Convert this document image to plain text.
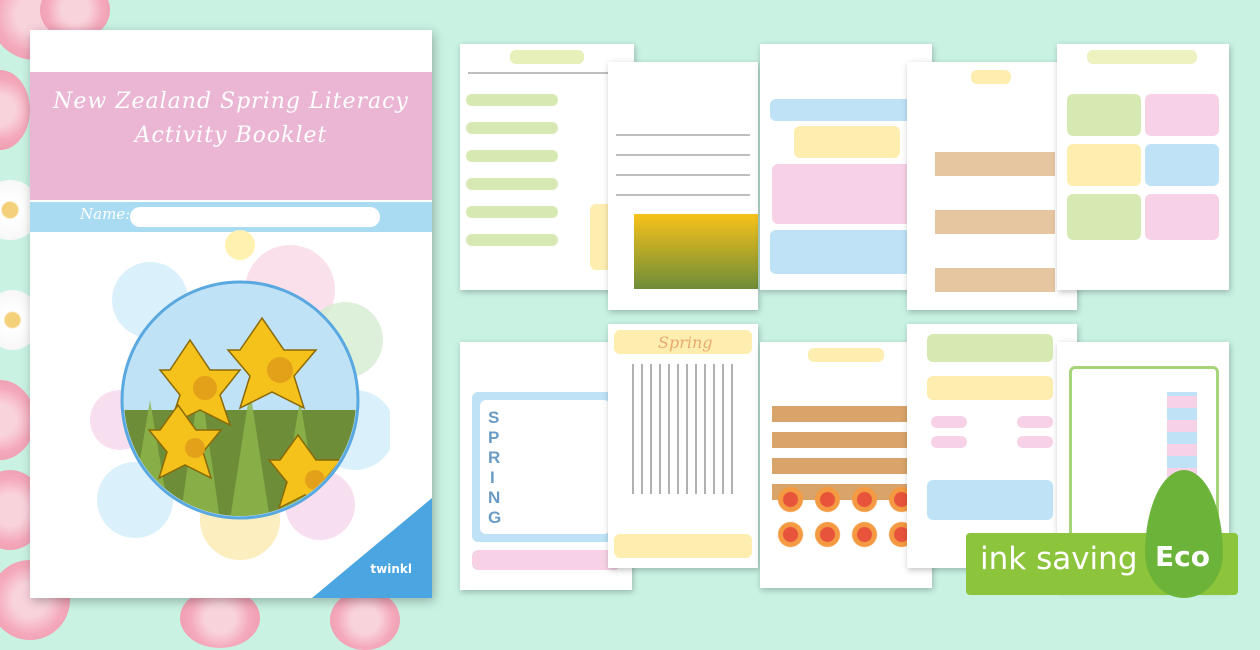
New Zealand Spring Literacy
Activity Booklet
Name:
twinkl
S
P
R
I
N
G
Spring
ink saving Eco
